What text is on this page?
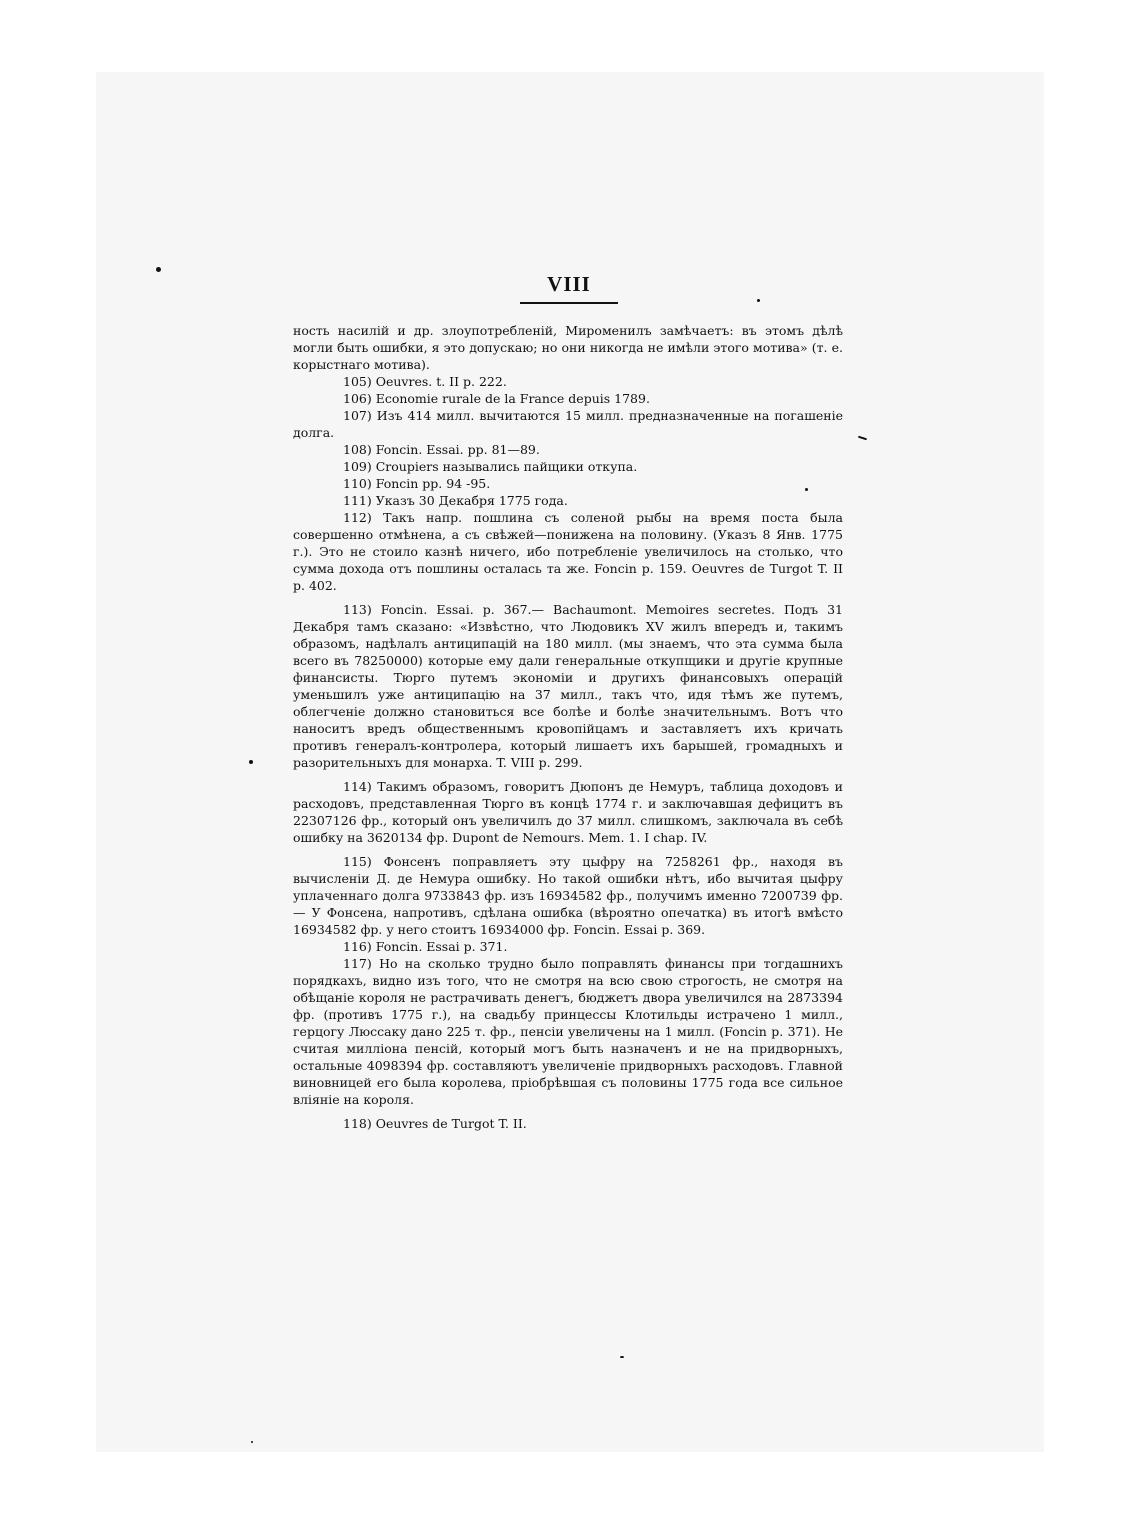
VIII

ность насилiй и др. злоупотребленiй, Мироменилъ замѣчаетъ: въ этомъ дѣлѣ могли быть ошибки, я это допускаю; но они никогда не имѣли этого мотива» (т. е. корыстнаго мотива).

105) Oeuvres. t. II p. 222.

106) Economie rurale de la France depuis 1789.

107) Изъ 414 милл. вычитаются 15 милл. предназначенные на погашенiе долга.

108) Foncin. Essai. pp. 81—89.

109) Croupiers назывались пайщики откупа.

110) Foncin pp. 94 -95.

111) Указъ 30 Декабря 1775 года.

112) Такъ напр. пошлина съ соленой рыбы на время поста была совершенно отмѣнена, а съ свѣжей—понижена на половину. (Указъ 8 Янв. 1775 г.). Это не стоило казнѣ ничего, ибо потребленiе увеличилось на столько, что сумма дохода отъ пошлины осталась та же. Foncin p. 159. Oeuvres de Turgot T. II p. 402.

113) Foncin. Essai. p. 367.— Bachaumont. Memoires secretes. Подъ 31 Декабря тамъ сказано: «Извѣстно, что Людовикъ XV жилъ впередъ и, такимъ образомъ, надѣлалъ антиципацiй на 180 милл. (мы знаемъ, что эта сумма была всего въ 78250000) которые ему дали генеральные откупщики и другiе крупные финансисты. Тюрго путемъ экономiи и другихъ финансовыхъ операцiй уменьшилъ уже антиципацiю на 37 милл., такъ что, идя тѣмъ же путемъ, облегченiе должно становиться все болѣе и болѣе значительнымъ. Вотъ что наноситъ вредъ общественнымъ кровопiйцамъ и заставляетъ ихъ кричать противъ генералъ-контролера, который лишаетъ ихъ барышей, громадныхъ и разорительныхъ для монарха. T. VIII p. 299.

114) Такимъ образомъ, говоритъ Дюпонъ де Немуръ, таблица доходовъ и расходовъ, представленная Тюрго въ концѣ 1774 г. и заключавшая дефицитъ въ 22307126 фр., который онъ увеличилъ до 37 милл. слишкомъ, заключала въ себѣ ошибку на 3620134 фр. Dupont de Nemours. Mem. 1. I chap. IV.

115) Фонсенъ поправляетъ эту цыфру на 7258261 фр., находя въ вычисленiи Д. де Немура ошибку. Но такой ошибки нѣтъ, ибо вычитая цыфру уплаченнаго долга 9733843 фр. изъ 16934582 фр., получимъ именно 7200739 фр.— У Фонсена, напротивъ, сдѣлана ошибка (вѣроятно опечатка) въ итогѣ вмѣсто 16934582 фр. у него стоитъ 16934000 фр. Foncin. Essai p. 369.

116) Foncin. Essai p. 371.

117) Но на сколько трудно было поправлять финансы при тогдашнихъ порядкахъ, видно изъ того, что не смотря на всю свою строгость, не смотря на обѣщанiе короля не растрачивать денегъ, бюджетъ двора увеличился на 2873394 фр. (противъ 1775 г.), на свадьбу принцессы Клотильды истрачено 1 милл., герцогу Люссаку дано 225 т. фр., пенсiи увеличены на 1 милл. (Foncin p. 371). Не считая миллiона пенсiй, который могъ быть назначенъ и не на придворныхъ, остальные 4098394 фр. составляютъ увеличенiе придворныхъ расходовъ. Главной виновницей его была королева, прiобрѣвшая съ половины 1775 года все сильное влiянiе на короля.

118) Oeuvres de Turgot T. II.
